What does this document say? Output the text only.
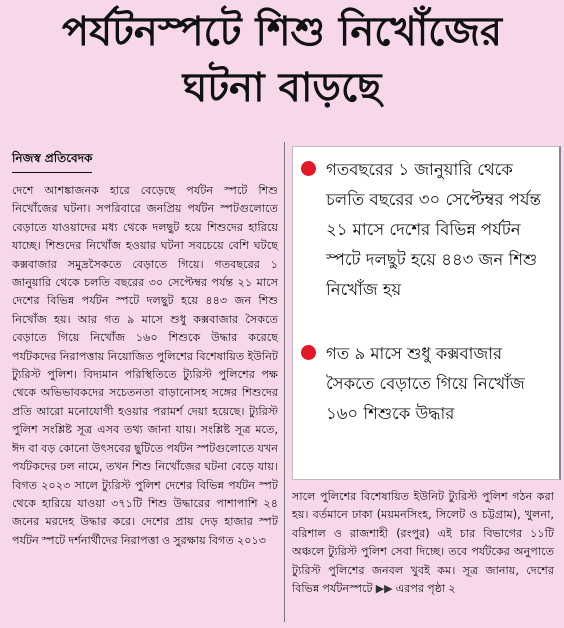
পর্যটনস্পটে শিশু নিখোঁজের
ঘটনা বাড়ছে
নিজস্ব প্রতিবেদক
দেশে আশঙ্কাজনক হারে বেড়েছে পর্যটন স্পটে শিশু নিখোঁজের ঘটনা। সপরিবারে জনপ্রিয় পর্যটন স্পটগুলোতে বেড়াতে যাওয়াদের মধ্য থেকে দলছুট হয়ে শিশুদের হারিয়ে যাচ্ছে। শিশুদের নিখোঁজ হওয়ার ঘটনা সবচেয়ে বেশি ঘটছে কক্সবাজার সমুদ্রসৈকতে বেড়াতে গিয়ে। গতবছরের ১ জানুয়ারি থেকে চলতি বছরের ৩০ সেপ্টেম্বর পর্যন্ত ২১ মাসে দেশের বিভিন্ন পর্যটন স্পটে দলছুট হয়ে ৪৪৩ জন শিশু নিখোঁজ হয়। আর গত ৯ মাসে শুধু কক্সবাজার সৈকতে বেড়াতে গিয়ে নিখোঁজ ১৬০ শিশুকে উদ্ধার করেছে পর্যটকদের নিরাপত্তায় নিয়োজিত পুলিশের বিশেষায়িত ইউনিট ট্যুরিস্ট পুলিশ। বিদ্যমান পরিস্থিতিতে ট্যুরিস্ট পুলিশের পক্ষ থেকে অভিভাবকদের সচেতনতা বাড়ানোসহ সঙ্গের শিশুদের প্রতি আরো মনোযোগী হওয়ার পরামর্শ দেয়া হয়েছে। ট্যুরিস্ট পুলিশ সংশ্লিষ্ট সূত্র এসব তথ্য জানা যায়। সংশ্লিষ্ট সূত্র মতে, ঈদ বা বড় কোনো উৎসবের ছুটিতে পর্যটন স্পটগুলোতে যখন পর্যটকদের ঢল নামে, তখন শিশু নিখোঁজের ঘটনা বেড়ে যায়। বিগত ২০২৩ সালে ট্যুরিস্ট পুলিশ দেশের বিভিন্ন পর্যটন স্পট থেকে হারিয়ে যাওয়া ৩৭১টি শিশু উদ্ধারের পাশাপাশি ২৪ জনের মরদেহ উদ্ধার করে। দেশের প্রায় দেড় হাজার স্পট পর্যটন স্পটে দর্শনার্থীদের নিরাপত্তা ও সুরক্ষায় বিগত ২০১৩
গতবছরের ১ জানুয়ারি থেকে চলতি বছরের ৩০ সেপ্টেম্বর পর্যন্ত ২১ মাসে দেশের বিভিন্ন পর্যটন স্পটে দলছুট হয়ে ৪৪৩ জন শিশু নিখোঁজ হয়
গত ৯ মাসে শুধু কক্সবাজার সৈকতে বেড়াতে গিয়ে নিখোঁজ ১৬০ শিশুকে উদ্ধার
সালে পুলিশের বিশেষায়িত ইউনিট ট্যুরিস্ট পুলিশ গঠন করা হয়। বর্তমানে ঢাকা (ময়মনসিংহ, সিলেট ও চট্টগ্রাম), খুলনা, বরিশাল ও রাজশাহী (রংপুর) এই চার বিভাগের ১১টি অঞ্চলে ট্যুরিস্ট পুলিশ সেবা দিচ্ছে। তবে পর্যটকের অনুপাতে ট্যুরিস্ট পুলিশের জনবল খুবই কম। সূত্র জানায়, দেশের বিভিন্ন পর্যটনস্পটে ▶▶ এরপর পৃষ্ঠা ২
